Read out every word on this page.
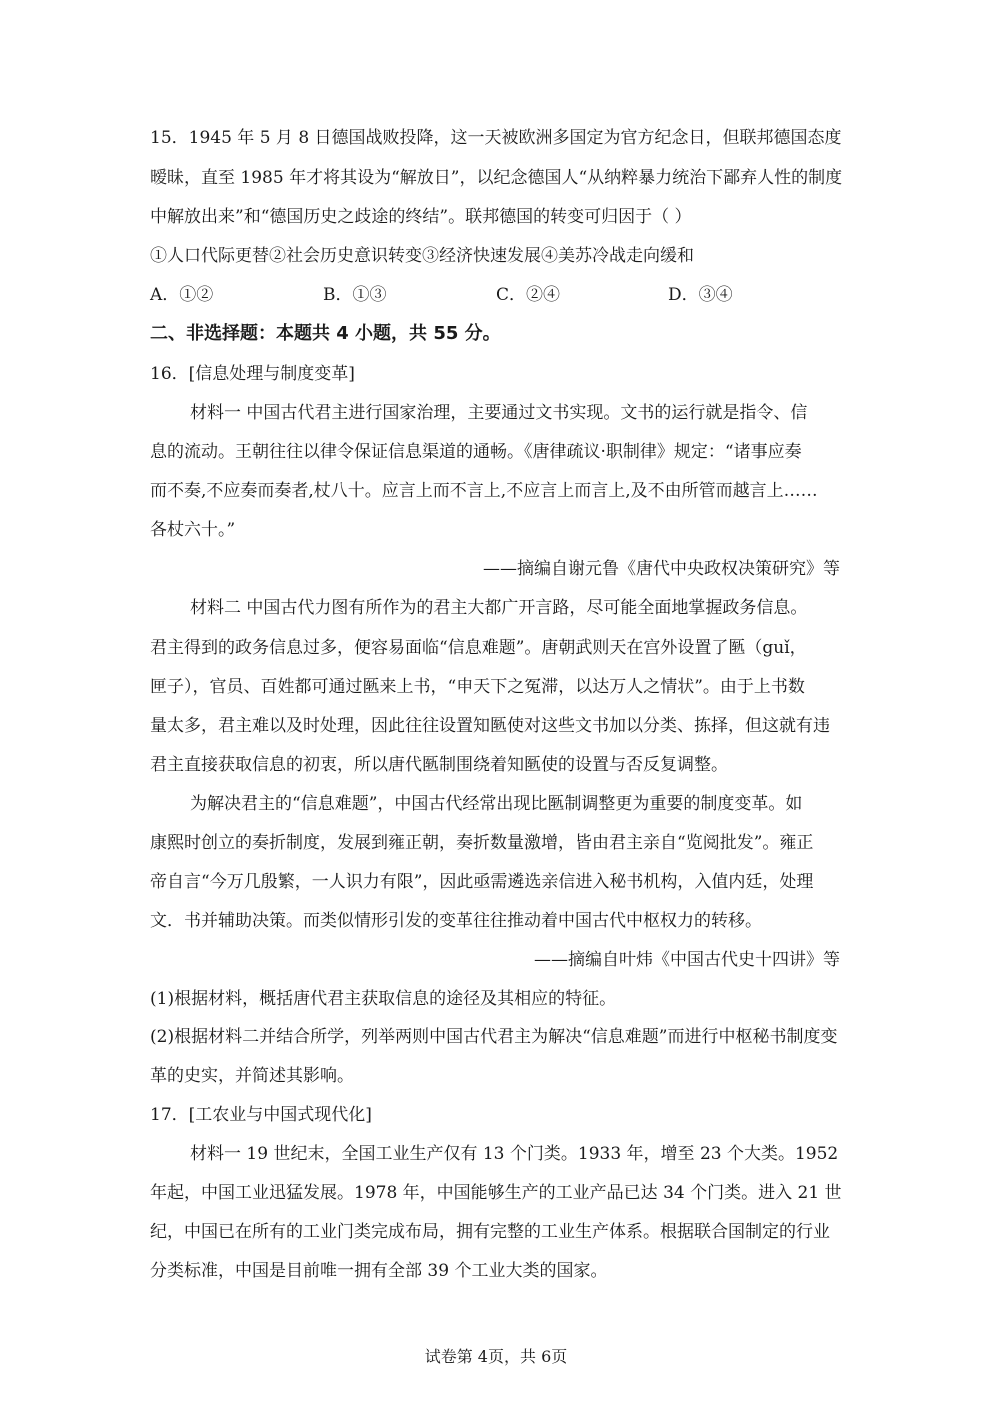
15．1945 年 5 月 8 日德国战败投降，这一天被欧洲多国定为官方纪念日，但联邦德国态度
暧昧，直至 1985 年才将其设为“解放日”，以纪念德国人“从纳粹暴力统治下鄙弃人性的制度
中解放出来”和“德国历史之歧途的终结”。联邦德国的转变可归因于（ ）
①人口代际更替②社会历史意识转变③经济快速发展④美苏冷战走向缓和
A．①②	B．①③	C．②④	D．③④
二、非选择题：本题共 4 小题，共 55 分。
16．[信息处理与制度变革]
材料一 中国古代君主进行国家治理，主要通过文书实现。文书的运行就是指令、信
息的流动。王朝往往以律令保证信息渠道的通畅。《唐律疏议·职制律》规定：“诸事应奏
而不奏,不应奏而奏者,杖八十。应言上而不言上,不应言上而言上,及不由所管而越言上……
各杖六十。”
——摘编自谢元鲁《唐代中央政权决策研究》等
材料二 中国古代力图有所作为的君主大都广开言路，尽可能全面地掌握政务信息。
君主得到的政务信息过多，便容易面临“信息难题”。唐朝武则天在宫外设置了匦（guǐ，
匣子），官员、百姓都可通过匦来上书，“申天下之冤滞，以达万人之情状”。由于上书数
量太多，君主难以及时处理，因此往往设置知匦使对这些文书加以分类、拣择，但这就有违
君主直接获取信息的初衷，所以唐代匦制围绕着知匦使的设置与否反复调整。
为解决君主的“信息难题”，中国古代经常出现比匦制调整更为重要的制度变革。如
康熙时创立的奏折制度，发展到雍正朝，奏折数量激增，皆由君主亲自“览阅批发”。雍正
帝自言“今万几殷繁，一人识力有限”，因此亟需遴选亲信进入秘书机构，入值内廷，处理
文．书并辅助决策。而类似情形引发的变革往往推动着中国古代中枢权力的转移。
——摘编自叶炜《中国古代史十四讲》等
(1)根据材料，概括唐代君主获取信息的途径及其相应的特征。
(2)根据材料二并结合所学，列举两则中国古代君主为解决“信息难题”而进行中枢秘书制度变
革的史实，并简述其影响。
17．[工农业与中国式现代化]
材料一 19 世纪末，全国工业生产仅有 13 个门类。1933 年，增至 23 个大类。1952
年起，中国工业迅猛发展。1978 年，中国能够生产的工业产品已达 34 个门类。进入 21 世
纪，中国已在所有的工业门类完成布局，拥有完整的工业生产体系。根据联合国制定的行业
分类标准，中国是目前唯一拥有全部 39 个工业大类的国家。
试卷第 4页，共 6页
